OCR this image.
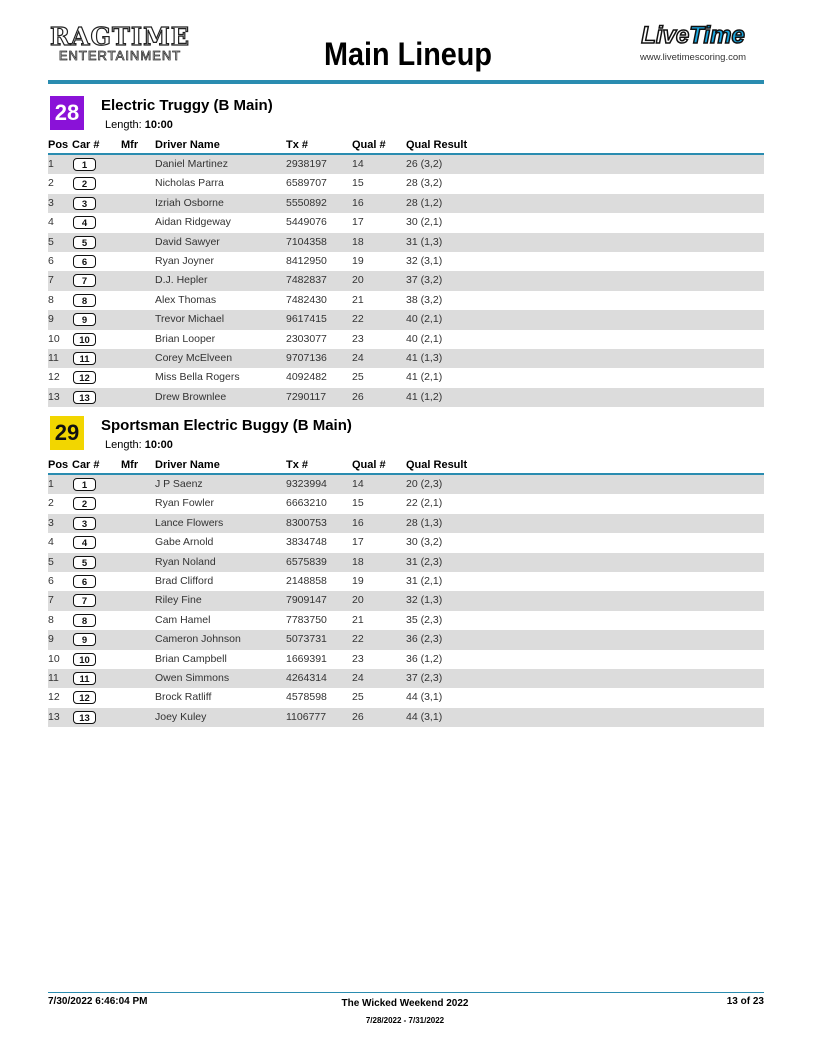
RAGTIME
ENTERTAINMENT	Main Lineup
LiveTime
www.livetimescoring.com
28	Electric Truggy (B Main)
Length: 10:00
Pos Car # Mfr Driver Name	Tx #	Qual # Qual Result
1	1	Daniel Martinez	2938197 14	26 (3,2)
2	2	Nicholas Parra	6589707 15	28 (3,2)
3	3	Izriah Osborne	5550892 16	28 (1,2)
4	4	Aidan Ridgeway	5449076 17	30 (2,1)
5	5	David Sawyer	7104358 18	31 (1,3)
6	6	Ryan Joyner	8412950 19	32 (3,1)
7	7	D.J. Hepler	7482837 20	37 (3,2)
8	8	Alex Thomas	7482430 21	38 (3,2)
9	9	Trevor Michael	9617415 22	40 (2,1)
10	10	Brian Looper	2303077 23	40 (2,1)
11	11	Corey McElveen	9707136 24	41 (1,3)
12	12	Miss Bella Rogers	4092482 25	41 (2,1)
13	13	Drew Brownlee	7290117 26	41 (1,2)
29	Sportsman Electric Buggy (B Main)
Length: 10:00
Pos Car # Mfr Driver Name	Tx #	Qual # Qual Result
1	1	J P Saenz	9323994 14	20 (2,3)
2	2	Ryan Fowler	6663210 15	22 (2,1)
3	3	Lance Flowers	8300753 16	28 (1,3)
4	4	Gabe Arnold	3834748 17	30 (3,2)
5	5	Ryan Noland	6575839 18	31 (2,3)
6	6	Brad Clifford	2148858 19	31 (2,1)
7	7	Riley Fine	7909147 20	32 (1,3)
8	8	Cam Hamel	7783750 21	35 (2,3)
9	9	Cameron Johnson	5073731 22	36 (2,3)
10	10	Brian Campbell	1669391 23	36 (1,2)
11	11	Owen Simmons	4264314 24	37 (2,3)
12	12	Brock Ratliff	4578598 25	44 (3,1)
13	13	Joey Kuley	1106777 26	44 (3,1)
7/30/2022 6:46:04 PM	The Wicked Weekend 2022
7/28/2022 - 7/31/2022
13 of 23
